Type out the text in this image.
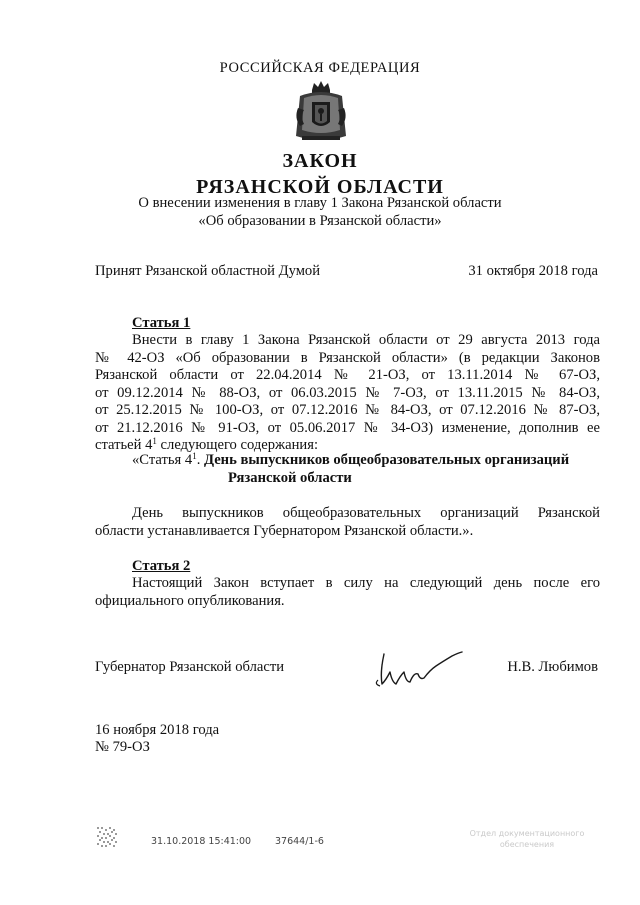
РОССИЙСКАЯ ФЕДЕРАЦИЯ
ЗАКОН
РЯЗАНСКОЙ ОБЛАСТИ
О внесении изменения в главу 1 Закона Рязанской области
«Об образовании в Рязанской области»
Принят Рязанской областной Думой	31 октября 2018 года
Статья 1
Внести в главу 1 Закона Рязанской области от 29 августа 2013 года
№ 42-ОЗ «Об образовании в Рязанской области» (в редакции Законов
Рязанской области от 22.04.2014 № 21-ОЗ, от 13.11.2014 № 67-ОЗ,
от 09.12.2014 № 88-ОЗ, от 06.03.2015 № 7-ОЗ, от 13.11.2015 № 84-ОЗ,
от 25.12.2015 № 100-ОЗ, от 07.12.2016 № 84-ОЗ, от 07.12.2016 № 87-ОЗ,
от 21.12.2016 № 91-ОЗ, от 05.06.2017 № 34-ОЗ) изменение, дополнив ее
статьей $4^1$ следующего содержания:
«Статья $4^1$. День выпускников общеобразовательных организаций
Рязанской области
День выпускников общеобразовательных организаций Рязанской
области устанавливается Губернатором Рязанской области.».
Статья 2
Настоящий Закон вступает в силу на следующий день после его
официального опубликования.
Губернатор Рязанской области	Н.В. Любимов
16 ноября 2018 года
№ 79-ОЗ
31.10.2018 15:41:00	37644/1-6
Отдел документационного
обеспечения
